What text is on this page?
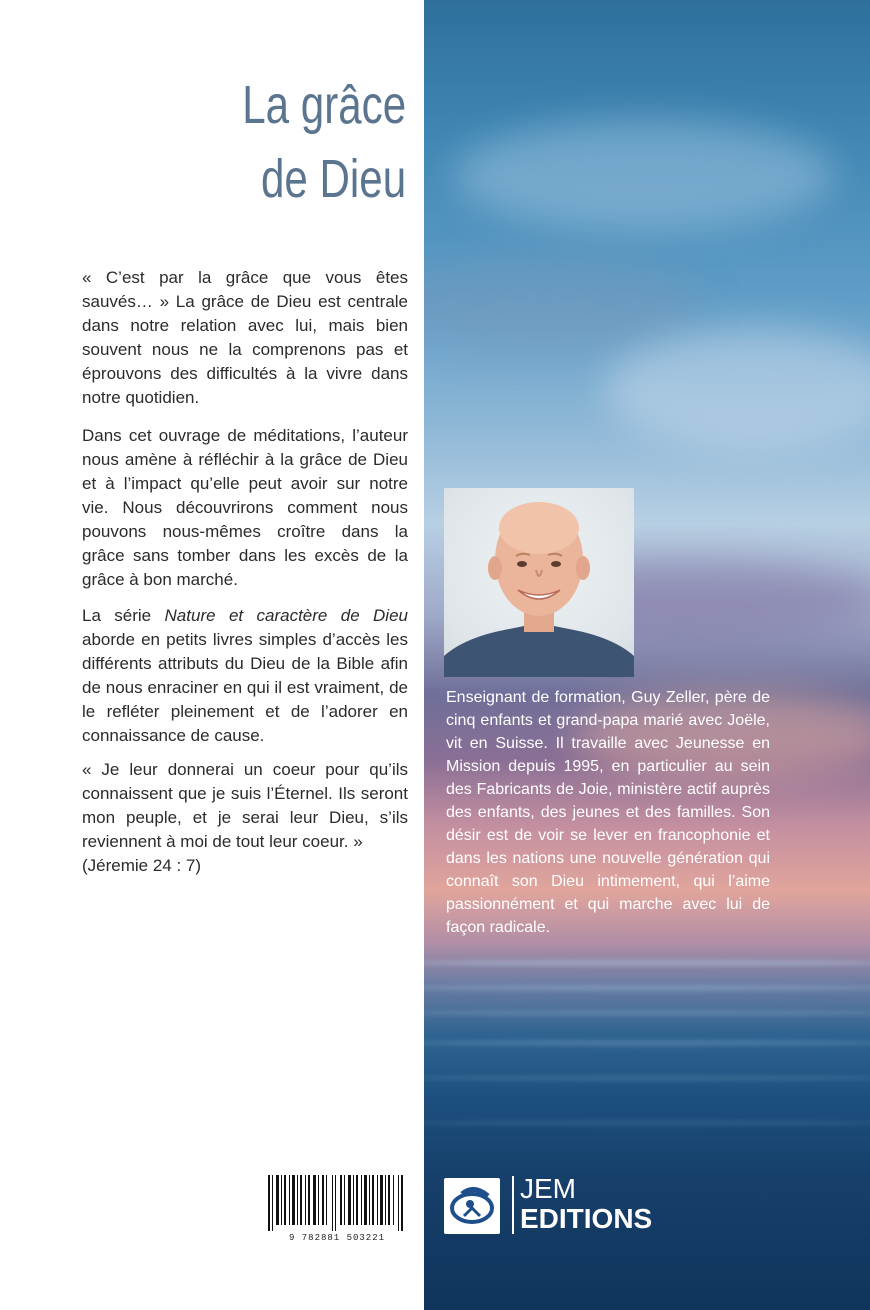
La grâce
de Dieu

« C’est par la grâce que vous êtes sauvés… » La grâce de Dieu est centrale dans notre relation avec lui, mais bien souvent nous ne la comprenons pas et éprouvons des difficultés à la vivre dans notre quotidien.

Dans cet ouvrage de méditations, l’auteur nous amène à réfléchir à la grâce de Dieu et à l’impact qu’elle peut avoir sur notre vie. Nous découvrirons comment nous pouvons nous-mêmes croître dans la grâce sans tomber dans les excès de la grâce à bon marché.

La série Nature et caractère de Dieu aborde en petits livres simples d’accès les différents attributs du Dieu de la Bible afin de nous enraciner en qui il est vraiment, de le refléter pleinement et de l’adorer en connaissance de cause.

« Je leur donnerai un coeur pour qu’ils connaissent que je suis l’Éternel. Ils seront mon peuple, et je serai leur Dieu, s’ils reviennent à moi de tout leur coeur. »
(Jéremie 24 : 7)

9 782881 503221

Enseignant de formation, Guy Zeller, père de cinq enfants et grand-papa marié avec Joële, vit en Suisse. Il travaille avec Jeunesse en Mission depuis 1995, en particulier au sein des Fabricants de Joie, ministère actif auprès des enfants, des jeunes et des familles. Son désir est de voir se lever en francophonie et dans les nations une nouvelle génération qui connaît son Dieu intimement, qui l’aime passionnément et qui marche avec lui de façon radicale.

JEM
EDITIONS
